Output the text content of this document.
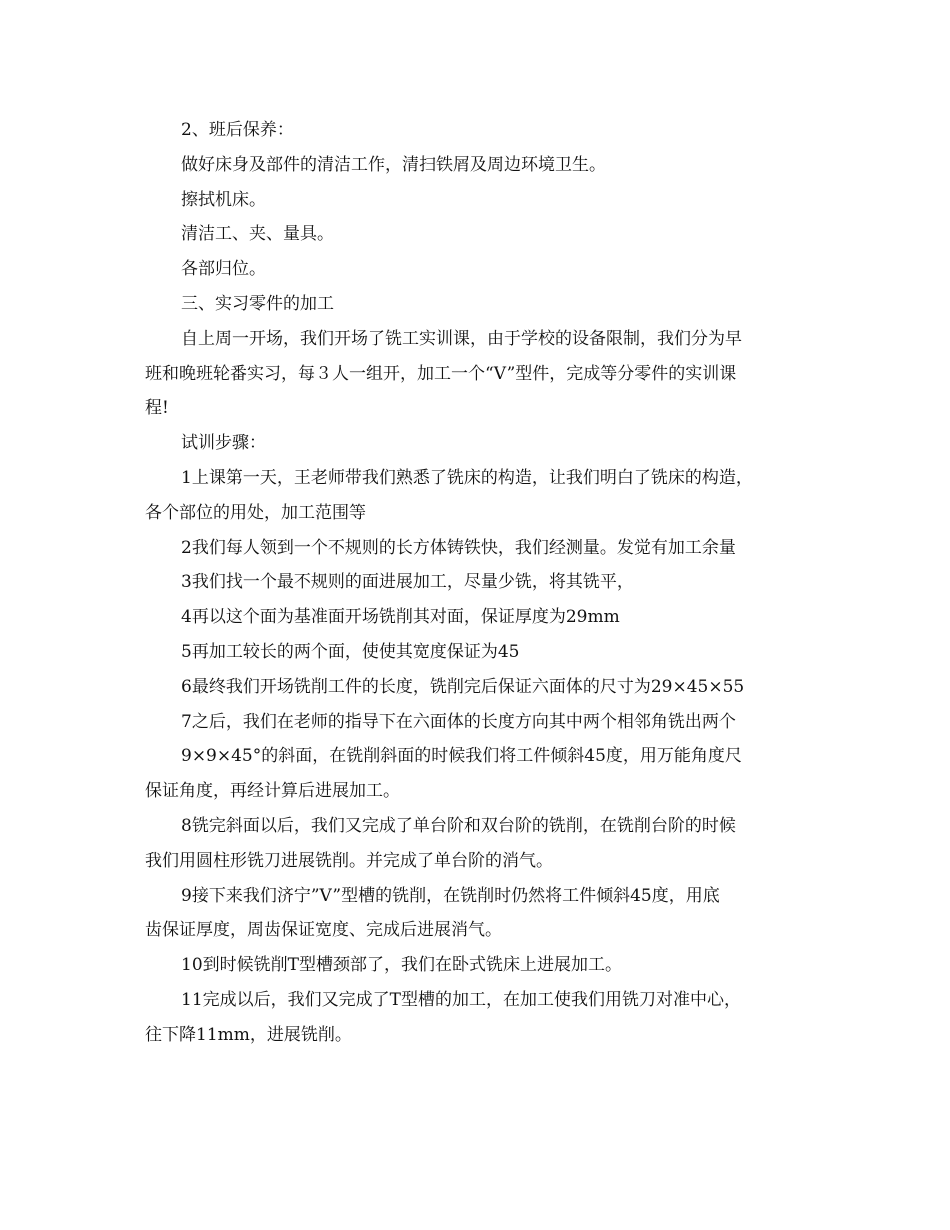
2、班后保养：
做好床身及部件的清洁工作，清扫铁屑及周边环境卫生。
擦拭机床。
清洁工、夹、量具。
各部归位。
三、实习零件的加工
自上周一开场，我们开场了铣工实训课，由于学校的设备限制，我们分为早
班和晚班轮番实习，每３人一组开，加工一个“V”型件，完成等分零件的实训课
程!
试训步骤：
1上课第一天，王老师带我们熟悉了铣床的构造，让我们明白了铣床的构造，
各个部位的用处，加工范围等
2我们每人领到一个不规则的长方体铸铁快，我们经测量。发觉有加工余量
3我们找一个最不规则的面进展加工，尽量少铣，将其铣平，
4再以这个面为基准面开场铣削其对面，保证厚度为29mm
5再加工较长的两个面，使使其宽度保证为45
6最终我们开场铣削工件的长度，铣削完后保证六面体的尺寸为29×45×55
7之后，我们在老师的指导下在六面体的长度方向其中两个相邻角铣出两个
9×9×45°的斜面，在铣削斜面的时候我们将工件倾斜45度，用万能角度尺
保证角度，再经计算后进展加工。
8铣完斜面以后，我们又完成了单台阶和双台阶的铣削，在铣削台阶的时候
我们用圆柱形铣刀进展铣削。并完成了单台阶的消气。
9接下来我们济宁”V”型槽的铣削，在铣削时仍然将工件倾斜45度，用底
齿保证厚度，周齿保证宽度、完成后进展消气。
10到时候铣削T型槽颈部了，我们在卧式铣床上进展加工。
11完成以后，我们又完成了T型槽的加工，在加工使我们用铣刀对准中心，
往下降11mm，进展铣削。
